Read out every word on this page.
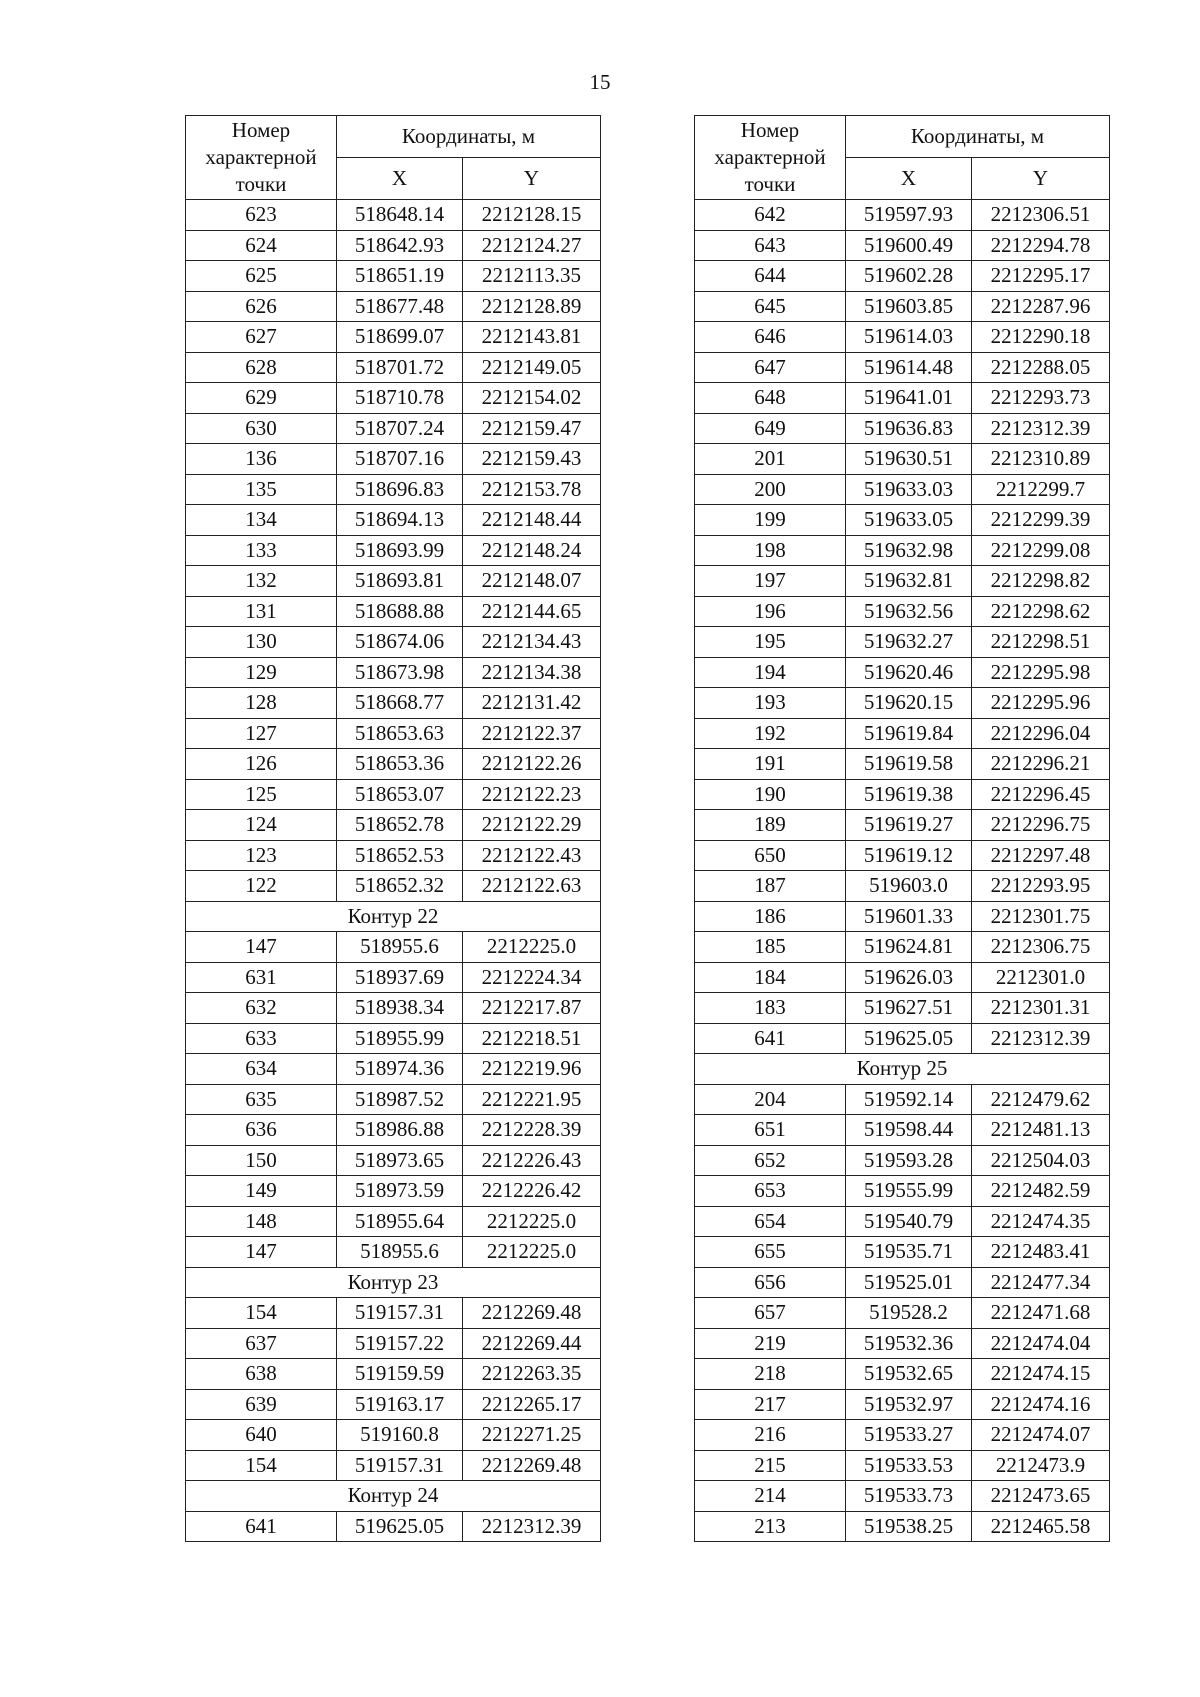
15
Номер характерной точки	Координаты, м	
	X	Y
623	518648.14	2212128.15
624	518642.93	2212124.27
625	518651.19	2212113.35
626	518677.48	2212128.89
627	518699.07	2212143.81
628	518701.72	2212149.05
629	518710.78	2212154.02
630	518707.24	2212159.47
136	518707.16	2212159.43
135	518696.83	2212153.78
134	518694.13	2212148.44
133	518693.99	2212148.24
132	518693.81	2212148.07
131	518688.88	2212144.65
130	518674.06	2212134.43
129	518673.98	2212134.38
128	518668.77	2212131.42
127	518653.63	2212122.37
126	518653.36	2212122.26
125	518653.07	2212122.23
124	518652.78	2212122.29
123	518652.53	2212122.43
122	518652.32	2212122.63
Контур 22		
147	518955.6	2212225.0
631	518937.69	2212224.34
632	518938.34	2212217.87
633	518955.99	2212218.51
634	518974.36	2212219.96
635	518987.52	2212221.95
636	518986.88	2212228.39
150	518973.65	2212226.43
149	518973.59	2212226.42
148	518955.64	2212225.0
147	518955.6	2212225.0
Контур 23		
154	519157.31	2212269.48
637	519157.22	2212269.44
638	519159.59	2212263.35
639	519163.17	2212265.17
640	519160.8	2212271.25
154	519157.31	2212269.48
Контур 24		
641	519625.05	2212312.39
Номер характерной точки	Координаты, м	
	X	Y
642	519597.93	2212306.51
643	519600.49	2212294.78
644	519602.28	2212295.17
645	519603.85	2212287.96
646	519614.03	2212290.18
647	519614.48	2212288.05
648	519641.01	2212293.73
649	519636.83	2212312.39
201	519630.51	2212310.89
200	519633.03	2212299.7
199	519633.05	2212299.39
198	519632.98	2212299.08
197	519632.81	2212298.82
196	519632.56	2212298.62
195	519632.27	2212298.51
194	519620.46	2212295.98
193	519620.15	2212295.96
192	519619.84	2212296.04
191	519619.58	2212296.21
190	519619.38	2212296.45
189	519619.27	2212296.75
650	519619.12	2212297.48
187	519603.0	2212293.95
186	519601.33	2212301.75
185	519624.81	2212306.75
184	519626.03	2212301.0
183	519627.51	2212301.31
641	519625.05	2212312.39
Контур 25		
204	519592.14	2212479.62
651	519598.44	2212481.13
652	519593.28	2212504.03
653	519555.99	2212482.59
654	519540.79	2212474.35
655	519535.71	2212483.41
656	519525.01	2212477.34
657	519528.2	2212471.68
219	519532.36	2212474.04
218	519532.65	2212474.15
217	519532.97	2212474.16
216	519533.27	2212474.07
215	519533.53	2212473.9
214	519533.73	2212473.65
213	519538.25	2212465.58
